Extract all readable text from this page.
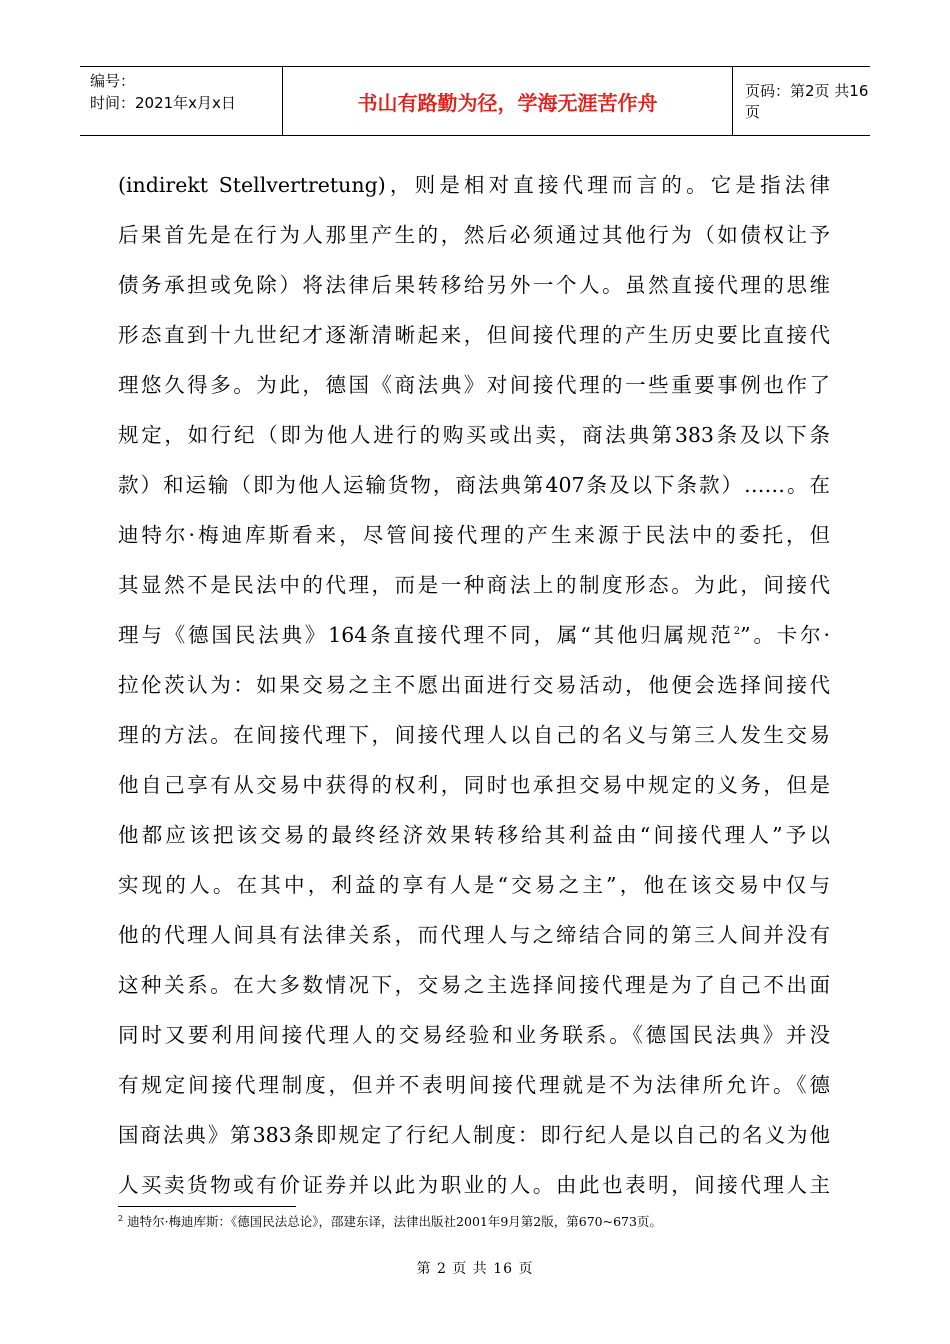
编号：
时间：2021年x月x日	书山有路勤为径，学海无涯苦作舟	页码：第2页 共16页
(indirekt Stellvertretung)，则是相对直接代理而言的。它是指法律
后果首先是在行为人那里产生的，然后必须通过其他行为（如债权让予
债务承担或免除）将法律后果转移给另外一个人。虽然直接代理的思维
形态直到十九世纪才逐渐清晰起来，但间接代理的产生历史要比直接代
理悠久得多。为此，德国《商法典》对间接代理的一些重要事例也作了
规定，如行纪（即为他人进行的购买或出卖，商法典第383条及以下条
款）和运输（即为他人运输货物，商法典第407条及以下条款）……。在
迪特尔·梅迪库斯看来，尽管间接代理的产生来源于民法中的委托，但
其显然不是民法中的代理，而是一种商法上的制度形态。为此，间接代
理与《德国民法典》164条直接代理不同，属“其他归属规范$^2$”。卡尔·
拉伦茨认为：如果交易之主不愿出面进行交易活动，他便会选择间接代
理的方法。在间接代理下，间接代理人以自己的名义与第三人发生交易
他自己享有从交易中获得的权利，同时也承担交易中规定的义务，但是
他都应该把该交易的最终经济效果转移给其利益由“间接代理人”予以
实现的人。在其中，利益的享有人是“交易之主”，他在该交易中仅与
他的代理人间具有法律关系，而代理人与之缔结合同的第三人间并没有
这种关系。在大多数情况下，交易之主选择间接代理是为了自己不出面
同时又要利用间接代理人的交易经验和业务联系。《德国民法典》并没
有规定间接代理制度，但并不表明间接代理就是不为法律所允许。《德
国商法典》第383条即规定了行纪人制度：即行纪人是以自己的名义为他
人买卖货物或有价证券并以此为职业的人。由此也表明，间接代理人主
$^2$ 迪特尔·梅迪库斯：《德国民法总论》，邵建东译，法律出版社2001年9月第2版，第670~673页。
第 2 页 共 16 页
